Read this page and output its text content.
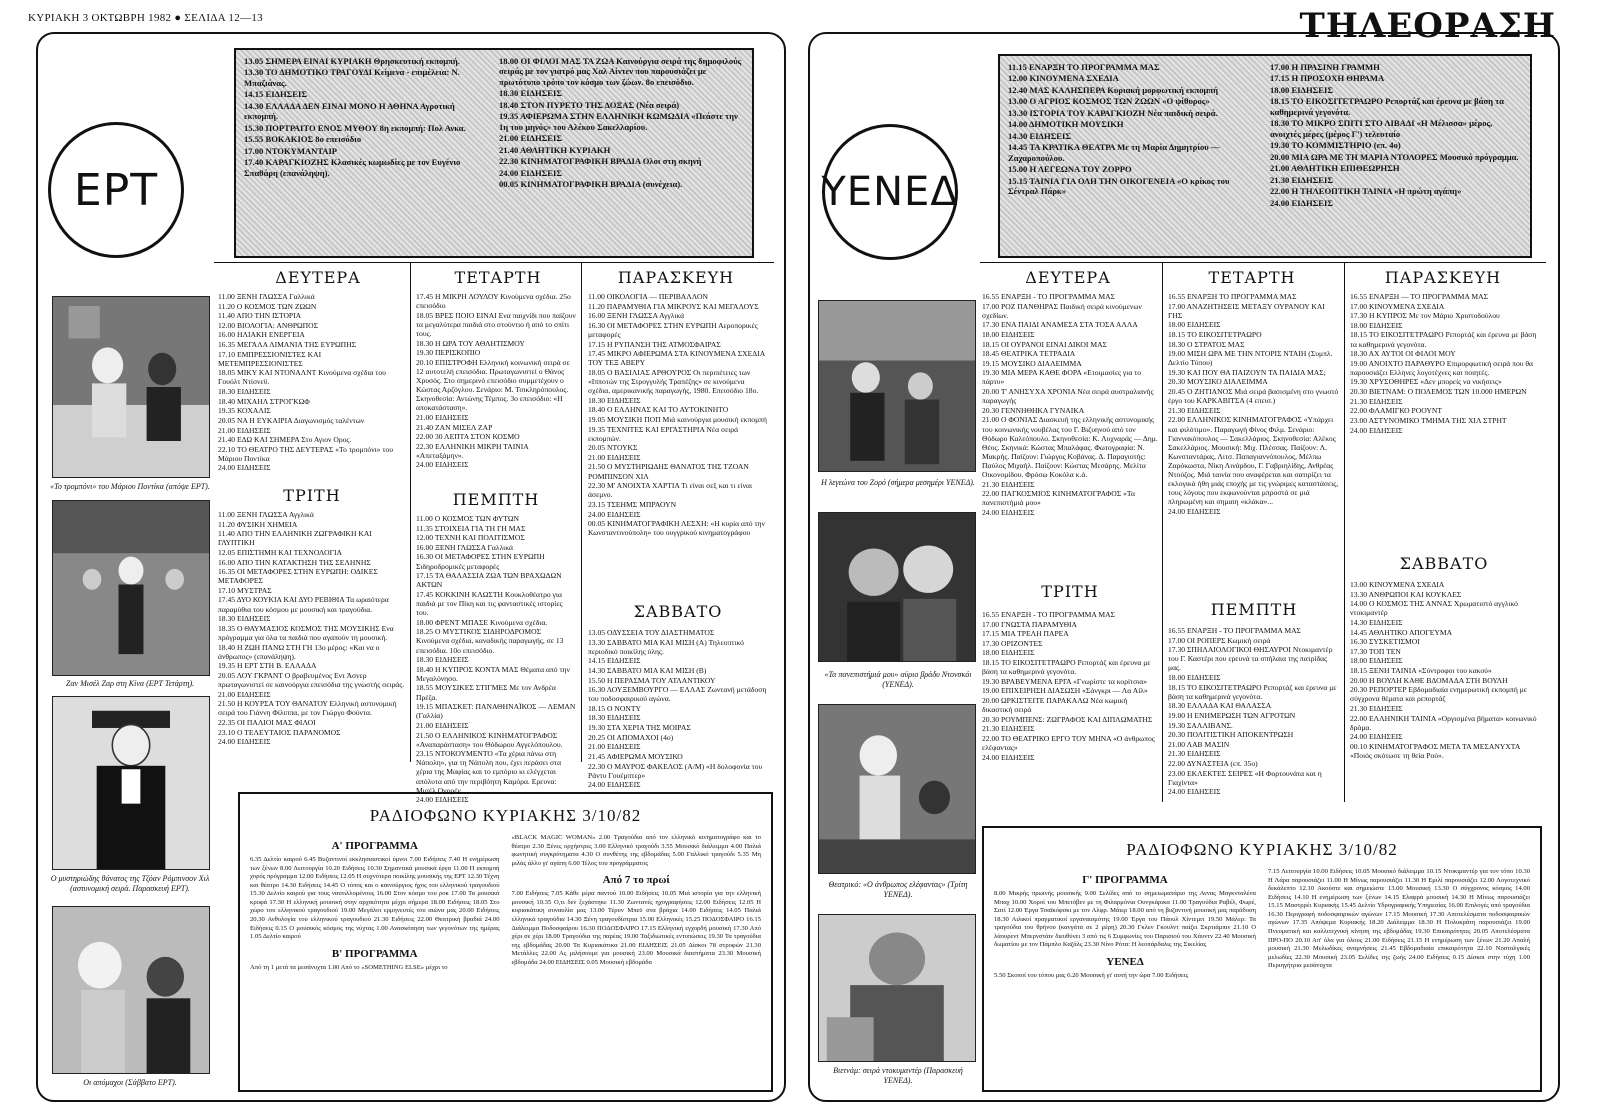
ΚΥΡΙΑΚΗ 3 ΟΚΤΩΒΡΗ 1982 ● ΣΕΛΙΔΑ 12—13	ΤΗΛΕΟΡΑΣΗ
ΕΡΤ

13.05 ΣΗΜΕΡΑ ΕΙΝΑΙ ΚΥΡΙΑΚΗ Θρησκευτική εκπομπή.

13.30 ΤΟ ΔΗΜΟΤΙΚΟ ΤΡΑΓΟΥΔΙ Κείμενα - επιμέλεια: Ν. Μπαζιάνας.

14.15 ΕΙΔΗΣΕΙΣ

14.30 ΕΛΛΑΔΑ ΔΕΝ ΕΙΝΑΙ ΜΟΝΟ Η ΑΘΗΝΑ Αγροτική εκπομπή.

15.30 ΠΟΡΤΡΑΙΤΟ ΕΝΟΣ ΜΥΘΟΥ 8η εκπομπή: Πολ Ανκα.

15.55 ΒΟΚΑΚΙΟΣ 8ο επεισόδιο

17.00 ΝΤΟΚΥΜΑΝΤΑΙΡ

17.40 ΚΑΡΑΓΚΙΟΖΗΣ Κλασικές κωμωδίες με τον Ευγένιο Σπαθάρη (επανάληψη).

18.00 ΟΙ ΦΙΛΟΙ ΜΑΣ ΤΑ ΖΩΑ Καινούργια σειρά της δημοφιλούς σειράς με τον γιατρό μας Χαλ Αίντεν που παρουσιάζει με πρωτότυπο τρόπο τον κόσμο των ζώων. 8ο επεισόδιο.

18.30 ΕΙΔΗΣΕΙΣ

18.40 ΣΤΟΝ ΠΥΡΕΤΟ ΤΗΣ ΔΟΞΑΣ (Νέα σειρά)

19.35 ΑΦΙΕΡΩΜΑ ΣΤΗΝ ΕΛΛΗΝΙΚΗ ΚΩΜΩΔΙΑ «Πεάστε την 1η του μηνός» του Αλέκου Σακελλαρίου.

21.00 ΕΙΔΗΣΕΙΣ

21.40 ΑΘΛΗΤΙΚΗ ΚΥΡΙΑΚΗ

22.30 ΚΙΝΗΜΑΤΟΓΡΑΦΙΚΗ ΒΡΑΔΙΑ Ολοι στη σκηνή

24.00 ΕΙΔΗΣΕΙΣ

00.05 ΚΙΝΗΜΑΤΟΓΡΑΦΙΚΗ ΒΡΑΔΙΑ (συνέχεια).

ΔΕΥΤΕΡΑ	ΤΕΤΑΡΤΗ	ΠΑΡΑΣΚΕΥΗ

11.00 ΞΕΝΗ ΓΛΩΣΣΑ Γαλλικά

11.20 Ο ΚΟΣΜΟΣ ΤΩΝ ΖΩΩΝ

11.40 ΑΠΟ ΤΗΝ ΙΣΤΟΡΙΑ

12.00 ΒΙΟΛΟΓΙΑ: ΑΝΘΡΩΠΟΣ

16.00 ΗΛΙΑΚΗ ΕΝΕΡΓΕΙΑ

16.35 ΜΕΓΑΛΑ ΛΙΜΑΝΙΑ ΤΗΣ ΕΥΡΩΠΗΣ

17.10 ΕΜΠΡΕΣΣΙΟΝΙΣΤΕΣ ΚΑΙ ΜΕΤΕΜΠΡΕΣΣΙΟΝΙΣΤΕΣ

18.05 ΜΙΚΥ ΚΑΙ ΝΤΟΝΑΛΝΤ Κινούμενα σχέδια του Γουόλτ Ντίσνεϋ.

18.30 ΕΙΔΗΣΕΙΣ

18.40 ΜΙΧΑΗΛ ΣΤΡΟΓΚΩΦ

19.35 ΚΟΧΑΛΙΣ

20.05 ΝΑ Η ΕΥΚΑΙΡΙΑ Διαγωνισμός ταλέντων

21.00 ΕΙΔΗΣΕΙΣ

21.40 ΕΔΩ ΚΑΙ ΣΗΜΕΡΑ Στο Αγιον Ορος.

22.10 ΤΟ ΘΕΑΤΡΟ ΤΗΣ ΔΕΥΤΕΡΑΣ «Το τρομπόνι» του Μάριου Ποντίκα

24.00 ΕΙΔΗΣΕΙΣ

ΤΡΙΤΗ

11.00 ΞΕΝΗ ΓΛΩΣΣΑ Αγγλικά

11.20 ΦΥΣΙΚΗ ΧΗΜΕΙΑ

11.40 ΑΠΟ ΤΗΝ ΕΛΛΗΝΙΚΗ ΖΩΓΡΑΦΙΚΗ ΚΑΙ ΓΛΥΠΤΙΚΗ

12.05 ΕΠΙΣΤΗΜΗ ΚΑΙ ΤΕΧΝΟΛΟΓΙΑ

16.00 ΑΠΟ ΤΗΝ ΚΑΤΑΚΤΗΣΗ ΤΗΣ ΣΕΛΗΝΗΣ

16.35 ΟΙ ΜΕΤΑΦΟΡΕΣ ΣΤΗΝ ΕΥΡΩΠΗ: ΟΔΙΚΕΣ ΜΕΤΑΦΟΡΕΣ

17.10 ΜΥΣΤΡΑΣ

17.45 ΔΥΟ ΚΟΥΚΙΑ ΚΑΙ ΔΥΟ ΡΕΒΙΘΙΑ Τα ωραιότερα παραμύθια του κόσμου με μουσική και τραγούδια.

18.30 ΕΙΔΗΣΕΙΣ

18.35 Ο ΘΑΥΜΑΣΙΟΣ ΚΟΣΜΟΣ ΤΗΣ ΜΟΥΣΙΚΗΣ Ενα πρόγραμμα για όλα τα παιδιά που αγαπούν τη μουσική.

18.40 Η ΖΩΗ ΠΑΝΩ ΣΤΗ ΓΗ 13ο μέρος: «Και να ο άνθρωπος» (επανάληψη).

19.35 Η ΕΡΤ ΣΤΗ Β. ΕΛΛΑΔΑ

20.05 ΛΟΥ ΓΚΡΑΝΤ Ο βραβευμένος Εντ Άσνερ πρωταγωνιστεί σε καινούργια επεισόδια της γνωστής σειράς.

21.00 ΕΙΔΗΣΕΙΣ

21.50 Η ΚΟΥΡΣΑ ΤΟΥ ΘΑΝΑΤΟΥ Ελληνική αστυνομική σειρά του Γιάννη Φίλιππα, με τον Γιώργο Φούντα.

22.35 ΟΙ ΠΑΛΙΟΙ ΜΑΣ ΦΙΛΟΙ

23.10 Ο ΤΕΛΕΥΤΑΙΟΣ ΠΑΡΑΝΟΜΟΣ

24.00 ΕΙΔΗΣΕΙΣ

17.45 Η ΜΙΚΡΗ ΛΟΥΛΟΥ Κινούμενα σχέδια. 25ο επεισόδιο

18.05 ΒΡΕΣ ΠΟΙΟ ΕΙΝΑΙ Ενα παιχνίδι που παίζουν τα μεγαλύτερα παιδιά στο στούντιο ή από το σπίτι τους.

18.30 Η ΩΡΑ ΤΟΥ ΑΘΛΗΤΙΣΜΟΥ

19.30 ΠΕΡΙΣΚΟΠΙΟ

20.10 ΕΠΙΣΤΡΟΦΗ Ελληνική κοινωνική σειρά σε 12 αυτοτελή επεισόδια. Πρωταγωνιστεί ο Θάνος Χρυσός. Στο σημερινό επεισόδιο συμμετέχουν ο Κώστας Αρζόγλου. Σενάριο: Μ. Τσικληρόπουλος. Σκηνοθεσία: Αντώνης Τέμπος. 3ο επεισόδιο: «Η αποκατάσταση».

21.00 ΕΙΔΗΣΕΙΣ

21.40 ΖΑΝ ΜΙΣΕΛ ΖΑΡ

22.00 30 ΛΕΠΤΑ ΣΤΟΝ ΚΟΣΜΟ

22.30 ΕΛΛΗΝΙΚΗ ΜΙΚΡΗ ΤΑΙΝΙΑ «Απεταξάμην».

24.00 ΕΙΔΗΣΕΙΣ

ΠΕΜΠΤΗ

11.00 Ο ΚΟΣΜΟΣ ΤΩΝ ΦΥΤΩΝ

11.35 ΣΤΟΙΧΕΙΑ ΓΙΑ ΤΗ ΓΗ ΜΑΣ

12.00 ΤΕΧΝΗ ΚΑΙ ΠΟΛΙΤΙΣΜΟΣ

16.00 ΞΕΝΗ ΓΛΩΣΣΑ Γαλλικά

16.30 ΟΙ ΜΕΤΑΦΟΡΕΣ ΣΤΗΝ ΕΥΡΩΠΗ Σιδηροδρομικές μεταφορές

17.15 ΤΑ ΘΑΛΑΣΣΙΑ ΖΩΑ ΤΩΝ ΒΡΑΧΩΔΩΝ ΑΚΤΩΝ

17.45 ΚΟΚΚΙΝΗ ΚΛΩΣΤΗ Κουκλοθέατρο για παιδιά με τον Πίκη και τις φανταστικές ιστορίες του.

18.00 ΦΡΕΝΤ ΜΠΑΣΕ Κινούμενα σχέδια.

18.25 Ο ΜΥΣΤΙΚΟΣ ΣΙΔΗΡΟΔΡΟΜΟΣ Κινούμενα σχέδια, καναδικής παραγωγής, σε 13 επεισόδια. 10ο επεισόδιο.

18.30 ΕΙΔΗΣΕΙΣ

18.40 Η ΚΥΠΡΟΣ ΚΟΝΤΑ ΜΑΣ Θέματα από την Μεγαλόνησο.

18.55 ΜΟΥΣΙΚΕΣ ΣΤΙΓΜΕΣ Με τον Ανδρέα Πρέζα.

19.15 ΜΠΑΣΚΕΤ: ΠΑΝΑΘΗΝΑΪΚΟΣ — ΛΕΜΑΝ (Γαλλία)

21.00 ΕΙΔΗΣΕΙΣ

21.50 Ο ΕΛΛΗΝΙΚΟΣ ΚΙΝΗΜΑΤΟΓΡΑΦΟΣ «Αναπαράσταση» του Θόδωρου Αγγελόπουλου.

23.15 ΝΤΟΚΟΥΜΕΝΤΟ «Τα χέρια πάνω στη Νάπολη», για τη Νάπολη που, έχει περάσει στα χέρια της Μαφίας και το εμπόριο κι ελέγχεται απόλυτα από την περιβόητη Καμόρα. Ερευνα: Μισέλ Ονορέν.

24.00 ΕΙΔΗΣΕΙΣ

11.00 ΟΙΚΟΛΟΓΙΑ — ΠΕΡΙΒΑΛΛΟΝ

11.20 ΠΑΡΑΜΥΘΙΑ ΓΙΑ ΜΙΚΡΟΥΣ ΚΑΙ ΜΕΓΑΛΟΥΣ

16.00 ΞΕΝΗ ΓΛΩΣΣΑ Αγγλικά

16.30 ΟΙ ΜΕΤΑΦΟΡΕΣ ΣΤΗΝ ΕΥΡΩΠΗ Αεροπορικές μεταφορές

17.15 Η ΡΥΠΑΝΣΗ ΤΗΣ ΑΤΜΟΣΦΑΙΡΑΣ

17.45 ΜΙΚΡΟ ΑΦΙΕΡΩΜΑ ΣΤΑ ΚΙΝΟΥΜΕΝΑ ΣΧΕΔΙΑ ΤΟΥ ΤΕΞ ΑΒΕΡΥ

18.05 Ο ΒΑΣΙΛΙΑΣ ΑΡΘΟΥΡΟΣ Οι περιπέτειες των «Ιπποτών της Στρογγυλής Τραπέζης» σε κινούμενα σχέδια, αμερικανικής παραγωγής, 1980. Επεισόδιο 18ο.

18.30 ΕΙΔΗΣΕΙΣ

18.40 Ο ΕΛΛΗΝΑΣ ΚΑΙ ΤΟ ΑΥΤΟΚΙΝΗΤΟ

19.05 ΜΟΥΣΙΚΗ ΠΟΠ Μιά καινούργια μουσική εκπομπή

19.35 ΤΕΧΝΙΤΕΣ ΚΑΙ ΕΡΓΑΣΤΗΡΙΑ Νέα σειρά εκπομπών.

20.05 ΝΤΟΥΚΣ

21.00 ΕΙΔΗΣΕΙΣ

21.50 Ο ΜΥΣΤΗΡΙΩΔΗΣ ΘΑΝΑΤΟΣ ΤΗΣ ΤΖΟΑΝ ΡΟΜΠΙΝΣΟΝ ΧΙΛ

22.30 Μ' ΑΝΟΙΧΤΑ ΧΑΡΤΙΑ Τι είναι σεξ και τι είναι άσεμνο.

23.15 ΤΣΕΗΜΣ ΜΠΡΑΟΥΝ

24.00 ΕΙΔΗΣΕΙΣ

00.05 ΚΙΝΗΜΑΤΟΓΡΑΦΙΚΗ ΛΕΣΧΗ: «Η κυρία από την Κωνσταντινούπολη» του ουγγρικού κινηματογράφου

ΣΑΒΒΑΤΟ

13.05 ΟΔΥΣΣΕΙΑ ΤΟΥ ΔΙΑΣΤΗΜΑΤΟΣ

13.30 ΣΑΒΒΑΤΟ ΜΙΑ ΚΑΙ ΜΙΣΗ (Α) Τηλεοπτικό περιοδικό ποικίλης ύλης.

14.15 ΕΙΔΗΣΕΙΣ

14.30 ΣΑΒΒΑΤΟ ΜΙΑ ΚΑΙ ΜΙΣΗ (Β)

15.50 Η ΠΕΡΑΣΜΑ ΤΟΥ ΑΤΛΑΝΤΙΚΟΥ

16.30 ΛΟΥΞΕΜΒΟΥΡΓΟ — ΕΛΛΑΣ Ζωντανή μετάδοση του ποδοσφαιρικού αγώνα.

18.15 Ο ΝΟΝΤΥ

18.30 ΕΙΔΗΣΕΙΣ

19.30 ΣΤΑ ΧΕΡΙΑ ΤΗΣ ΜΟΙΡΑΣ

20.25 ΟΙ ΑΠΟΜΑΧΟΙ (4ο)

21.00 ΕΙΔΗΣΕΙΣ

21.45 ΑΦΙΕΡΩΜΑ ΜΟΥΣΙΚΟ

22.30 Ο ΜΑΥΡΟΣ ΦΑΚΕΛΟΣ (Α/Μ) «Η δολοφονία του Ράντυ Γουέμπτερ»

24.00 ΕΙΔΗΣΕΙΣ

«Το τρομπόνι» του Μάριου Ποντίκα (απόψε ΕΡΤ).
Ζαν Μισέλ Ζαρ στη Κίνα (ΕΡΤ Τετάρτη).
Ο μυστηριώδης θάνατος της Τζόαν Ρόμπινσον Χιλ (αστυνομική σειρά. Παρασκευή ΕΡΤ).
Οι απόμαχοι (Σάββατο ΕΡΤ).
ΡΑΔΙΟΦΩΝΟ ΚΥΡΙΑΚΗΣ 3/10/82
Α' ΠΡΟΓΡΑΜΜΑ

6.35 Δελτίο καιρού 6.45 Βυζαντινοί εκκλησιαστικοί ύμνοι 7.00 Ειδήσεις 7.40 Η ενημέρωση των ξένων 8.00 Λειτουργία 10.20 Ειδήσεις 10.30 Σημαντικά μουσικά έργα 11.00 Η εκπομπή χορός πρόγραμμα 12.00 Ειδήσεις 12.05 Η συχνότερα ποικίλης μουσικής της ΕΡΤ 12.30 Τέχνη και θέατρο 14.30 Ειδήσεις 14.45 Ο τόπος και ο καινούργιος ήχος του ελληνικού τραγουδιού 15.30 Δελτίο καιρού για τους ναυτιλλομένους 16.00 Στον κόσμο του ροκ 17.00 Τα μουσικά κρυφά 17.30 Η ελληνική μουσική στην αρχαιότητα μέχρι σήμερα 18.00 Ειδήσεις 18.05 Στο χώρο του ελληνικού τραγουδιού 19.00 Μεγάλοι ερμηνευτές του αιώνα μας 20.00 Ειδήσεις 20.30 Ανθολογία του ελληνικού τραγουδιού 21.30 Ειδήσεις 22.00 Θεατρική βραδιά 24.00 Ειδήσεις 0.15 Ο μουσικός κόσμος της νύχτας 1.00 Ανασκόπηση των γεγονότων της ημέρας 1.05 Δελτίο καιρού

Β' ΠΡΟΓΡΑΜΜΑ

Από τη 1 μετά τα μεσάνυχτα 1.00 Από το «SOMETHING ELSE» μέχρι το

«BLACK MAGIC WOMAN» 2.00 Τραγούδια από τον ελληνικό κινηματογράφο και το θέατρο 2.30 Ξένες ορχήστρες 3.00 Ελληνικό τραγούδι 3.55 Μουσικό διάλειμμα 4.00 Παλιά φωνητική συγκρότηματα 4.30 Ο συνθέτης της εβδομάδας 5.00 Γαλλικό τραγούδι 5.35 Μη μιλάς άλλο γι' αγάπη 6.00 Τέλος του προγράμματος

Από 7 το πρωί

7.00 Ειδήσεις 7.05 Κάθε μέρα παντού 10.00 Ειδήσεις 10.05 Μιά ιστορία για την ελληνική μουσική 10.35 Ο,τι δεν ξεχάστηκε 11.30 Ζωντανές ηχογραφήσεις 12.00 Ειδήσεις 12.05 Η κυριακάτικη συναυλία μας 13.00 Τέρυν Μπεϋ στα βράχια 14.00 Ειδήσεις 14.05 Παλιά ελληνικά τραγούδια 14.30 Ξένη τραγουδίστρια 15.00 Ελληνικές 15.25 ΠΟΔΟΣΦΑΙΡΟ 16.15 Διάλειμμα Ποδοσφαίρου 16.30 ΠΟΔΟΣΦΑΙΡΟ 17.15 Ελληνική εγχορδή μουσική 17.30 Από χέρι σε χέρι 18.00 Τραγούδια της παρέας 19.00 Ταξιδιωτικές εντυπώσεις 19.30 Τα τραγούδια της εβδομάδας 20.00 Τα Κυριακάτικα 21.00 ΕΙΔΗΣΕΙΣ 21.05 Δίσκοι 78 στροφών 21.30 Μετάλλες 22.00 Ας μιλήσουμε για μουσική 23.00 Μουσικά διαστήματα 23.30 Μουσική εβδομάδα 24.00 ΕΙΔΗΣΕΙΣ 0.05 Μουσική εβδομάδα

ΥΕΝΕΔ

11.15 ΕΝΑΡΞΗ ΤΟ ΠΡΟΓΡΑΜΜΑ ΜΑΣ

12.00 ΚΙΝΟΥΜΕΝΑ ΣΧΕΔΙΑ

12.40 ΜΑΣ ΚΑΛΗΣΠΕΡΑ Κυριακή μορφωτική εκπομπή

13.00 Ο ΑΓΡΙΟΣ ΚΟΣΜΟΣ ΤΩΝ ΖΩΩΝ «Ο ψίθυρος»

13.30 ΙΣΤΟΡΙΑ ΤΟΥ ΚΑΡΑΓΚΙΟΖΗ Νέα παιδική σειρά.

14.00 ΔΗΜΟΤΙΚΗ ΜΟΥΣΙΚΗ

14.30 ΕΙΔΗΣΕΙΣ

14.45 ΤΑ ΚΡΑΤΙΚΑ ΘΕΑΤΡΑ Με τη Μαρία Δημητρίου — Ζαχαροπούλου.

15.00 Η ΛΕΓΕΩΝΑ ΤΟΥ ΖΟΡΡΟ

15.15 ΤΑΙΝΙΑ ΓΙΑ ΟΛΗ ΤΗΝ ΟΙΚΟΓΕΝΕΙΑ «Ο κρίκος του Σέντραλ Πάρκ»

17.00 Η ΠΡΑΣΙΝΗ ΓΡΑΜΜΗ

17.15 Η ΠΡΟΣΟΧΗ ΘΗΡΑΜΑ

18.00 ΕΙΔΗΣΕΙΣ

18.15 ΤΟ ΕΙΚΟΣΙΤΕΤΡΑΩΡΟ Ρεπορτάζ και έρευνα με βάση τα καθημερινά γεγονότα.

18.30 ΤΟ ΜΙΚΡΟ ΣΠΙΤΙ ΣΤΟ ΛΙΒΑΔΙ «Η Μέλισσα» μέρος, ανοιχτές μέρες (μέρος Γ') τελευταίο

19.30 ΤΟ ΚΟΜΜΙΣΤΗΡΙΟ (επ. 4ο)

20.00 ΜΙΑ ΩΡΑ ΜΕ ΤΗ ΜΑΡΙΑ ΝΤΟΛΟΡΕΣ Μουσικό πρόγραμμα.

21.00 ΑΘΛΗΤΙΚΗ ΕΠΙΘΕΩΡΗΣΗ

21.30 ΕΙΔΗΣΕΙΣ

22.00 Η ΤΗΛΕΟΠΤΙΚΗ ΤΑΙΝΙΑ «Η πρώτη αγάπη»

24.00 ΕΙΔΗΣΕΙΣ

ΔΕΥΤΕΡΑ	ΤΕΤΑΡΤΗ	ΠΑΡΑΣΚΕΥΗ

16.55 ΕΝΑΡΞΗ - ΤΟ ΠΡΟΓΡΑΜΜΑ ΜΑΣ

17.00 ΡΟΖ ΠΑΝΘΗΡΑΣ Παιδική σειρά κινούμενων σχεδίων.

17.30 ΕΝΑ ΠΑΙΔΙ ΑΝΑΜΕΣΑ ΣΤΑ ΤΟΣΑ ΑΛΛΑ

18.00 ΕΙΔΗΣΕΙΣ

18.15 ΟΙ ΟΥΡΑΝΟΙ ΕΙΝΑΙ ΔΙΚΟΙ ΜΑΣ

18.45 ΘΕΑΤΡΙΚΑ ΤΕΤΡΑΔΙΑ

19.15 ΜΟΥΣΙΚΟ ΔΙΑΛΕΙΜΜΑ

19.30 ΜΙΑ ΜΕΡΑ ΚΑΘΕ ΦΟΡΑ «Ετοιμασίες για το πάρτυ»

20.00 Τ' ΑΝΗΣΥΧΑ ΧΡΟΝΙΑ Νέα σειρά αυστραλιανής παραγωγής

20.30 ΓΕΝΝΗΘΗΚΑ ΓΥΝΑΙΚΑ

21.00 Ο ΦΟΝΙΑΣ Διασκευή της ελληνικής αστυνομικής του κοινωνικής νουβέλας του Γ. Βιζυηνού από τον Θόδωρο Καλεόπουλο. Σκηνοθεσία: Κ. Λυχναράς — Δημ. Θέος. Σκηνικά: Κώστας Μπαλάφας. Φωτογραφία: Ν. Μακρής. Παίζουν: Γιώργος Κοβάνας. Δ. Παραγιοτής: Παύλος Μιχαήλ. Παίζουν: Κώστας Μεσάρης. Μελίτα Οικονομίδου. Φρόσω Κοκόλα κ.ά.

21.30 ΕΙΔΗΣΕΙΣ

22.00 ΠΑΓΚΟΣΜΙΟΣ ΚΙΝΗΜΑΤΟΓΡΑΦΟΣ «Τα πανεπιστήμιά μου»

24.00 ΕΙΔΗΣΕΙΣ

ΤΡΙΤΗ

16.55 ΕΝΑΡΞΗ - ΤΟ ΠΡΟΓΡΑΜΜΑ ΜΑΣ

17.00 ΓΝΩΣΤΑ ΠΑΡΑΜΥΘΙΑ

17.15 ΜΙΑ ΤΡΕΛΗ ΠΑΡΕΑ

17.30 ΟΡΙΖΟΝΤΕΣ

18.00 ΕΙΔΗΣΕΙΣ

18.15 ΤΟ ΕΙΚΟΣΙΤΕΤΡΑΩΡΟ Ρεπορτάζ και έρευνα με βάση τα καθημερινά γεγονότα.

19.30 ΒΡΑΒΕΥΜΕΝΑ ΕΡΓΑ «Γνωρίστε τα κορίτσια»

19.00 ΕΠΙΧΕΙΡΗΣΗ ΔΙΑΣΩΣΗ «Σάνγκρι — Λα Αίλ»

20.00 ΩΡΚΙΣΤΕΙΤΕ ΠΑΡΑΚΑΛΩ Νέα κωμική δικαστική σειρά

20.30 ΡΟΥΜΠΕΝΣ: ΖΩΓΡΑΦΟΣ ΚΑΙ ΔΙΠΛΩΜΑΤΗΣ

21.30 ΕΙΔΗΣΕΙΣ

22.00 ΤΟ ΘΕΑΤΡΙΚΟ ΕΡΓΟ ΤΟΥ ΜΗΝΑ «Ο άνθρωπος ελέφαντας»

24.00 ΕΙΔΗΣΕΙΣ

16.55 ΕΝΑΡΞΗ ΤΟ ΠΡΟΓΡΑΜΜΑ ΜΑΣ

17.00 ΑΝΑΖΗΤΗΣΕΙΣ ΜΕΤΑΞΥ ΟΥΡΑΝΟΥ ΚΑΙ ΓΗΣ

18.00 ΕΙΔΗΣΕΙΣ

18.15 ΤΟ ΕΙΚΟΣΙΤΕΤΡΑΩΡΟ

18.30 Ο ΣΤΡΑΤΟΣ ΜΑΣ

19.00 ΜΙΣΗ ΩΡΑ ΜΕ ΤΗΝ ΝΤΟΡΙΣ ΝΤΑΙΗ (Συμπλ. Δελτίο Τύπου)

19.30 ΚΑΙ ΠΟΥ ΘΑ ΠΑΙΖΟΥΝ ΤΑ ΠΑΙΔΙΑ ΜΑΣ;

20.30 ΜΟΥΣΙΚΟ ΔΙΑΛΕΙΜΜΑ

20.45 Ο ΖΗΤΙΑΝΟΣ Μιά σειρά βασισμένη στο γνωστό έργο του ΚΑΡΚΑΒΙΤΣΑ (4 επεισ.)

21.30 ΕΙΔΗΣΕΙΣ

22.00 ΕΛΛΗΝΙΚΟΣ ΚΙΝΗΜΑΤΟΓΡΑΦΟΣ «Υπάρχει και φιλότιμο». Παραγωγή Φίνος Φιλμ. Σενάριο: Γιαννακόπουλος — Σακελλάριος. Σκηνοθεσία: Αλέκος Σακελλάριος. Μουσική: Μιχ. Πλέσσας. Παίζουν: Λ. Κωνσταντάρας, Λιτσ. Παπαγιαννόπουλος, Μέλπω Ζαρόκωστα, Νίκη Λινάρδου, Γ. Γαβριηλίδης, Ανθρέας Ντούζος. Μιά ταινία που αναφέρεται και σατιρίζει τα εκλογικά ήθη μιάς εποχής με τις γνώριμες καταστάσεις, τους λόγους που εκφωνούνται μπροστά σε μιά πληρωμένη και σημαιη «κλάκα»...

24.00 ΕΙΔΗΣΕΙΣ

ΠΕΜΠΤΗ

16.55 ΕΝΑΡΞΗ - ΤΟ ΠΡΟΓΡΑΜΜΑ ΜΑΣ

17.00 ΟΙ ΡΟΠΕΡΣ Κωμική σειρά

17.30 ΣΠΗΛΑΙΟΛΟΓΙΚΟΙ ΘΗΣΑΥΡΟΙ Ντοκιμαντέρ του Γ. Καστέρι που ερευνά τα σπήλαια της πατρίδας μας.

18.00 ΕΙΔΗΣΕΙΣ

18.15 ΤΟ ΕΙΚΟΣΙΤΕΤΡΑΩΡΟ Ρεπορτάζ και έρευνα με βάση τα καθημερινά γεγονότα.

18.30 ΕΛΛΑΔΑ ΚΑΙ ΘΑΛΑΣΣΑ

19.00 Η ΕΝΗΜΕΡΩΣΗ ΤΩΝ ΑΓΡΟΤΩΝ

19.30 ΣΑΛΛΙΒΑΝΣ.

20.30 ΠΟΛΙΤΙΣΤΙΚΗ ΑΠΟΚΕΝΤΡΩΣΗ

21.00 ΛΑΒ ΜΑΣΙΝ

21.30 ΕΙΔΗΣΕΙΣ

22.00 ΔΥΝΑΣΤΕΙΑ (επ. 35ο)

23.00 ΕΚΛΕΚΤΕΣ ΣΕΙΡΕΣ «Η Φορτουνάτα και η Γιαχίντα»

24.00 ΕΙΔΗΣΕΙΣ

16.55 ΕΝΑΡΞΗ — ΤΟ ΠΡΟΓΡΑΜΜΑ ΜΑΣ

17.00 ΚΙΝΟΥΜΕΝΑ ΣΧΕΔΙΑ

17.30 Η ΚΥΠΡΟΣ Με τον Μάριο Χριστοδούλου

18.00 ΕΙΔΗΣΕΙΣ

18.15 ΤΟ ΕΙΚΟΣΙΤΕΤΡΑΩΡΟ Ρεπορτάζ και έρευνα με βάση τα καθημερινά γεγονότα.

18.30 ΑΧ ΑΥΤΟΙ ΟΙ ΦΙΛΟΙ ΜΟΥ

19.00 ΑΝΟΙΧΤΟ ΠΑΡΑΘΥΡΟ Επιμορφωτική σειρά που θα παρουσιάζει Ελληνες λογοτέχνες και ποιητές.

19.30 ΧΡΥΣΟΘΗΡΕΣ «Δεν μπορείς να νικήσεις»

20.30 ΒΙΕΤΝΑΜ: Ο ΠΟΛΕΜΟΣ ΤΩΝ 10.000 ΗΜΕΡΩΝ

21.30 ΕΙΔΗΣΕΙΣ

22.00 ΦΛΑΜΙΓΚΟ ΡΟΟΥΝΤ

23.00 ΑΣΤΥΝΟΜΙΚΟ ΤΜΗΜΑ ΤΗΣ ΧΙΛ ΣΤΡΗΤ

24.00 ΕΙΔΗΣΕΙΣ

ΣΑΒΒΑΤΟ

13.00 ΚΙΝΟΥΜΕΝΑ ΣΧΕΔΙΑ

13.30 ΑΝΘΡΩΠΟΙ ΚΑΙ ΚΟΥΚΛΕΣ

14.00 Ο ΚΟΣΜΟΣ ΤΗΣ ΑΝΝΑΣ Χρωματιστό αγγλικό ντοκιμαντέρ

14.30 ΕΙΔΗΣΕΙΣ

14.45 ΑΘΛΗΤΙΚΟ ΑΠΟΓΕΥΜΑ

16.30 ΣΥΣΚΕΤΙΣΜΟΙ

17.30 ΤΟΠ ΤΕΝ

18.00 ΕΙΔΗΣΕΙΣ

18.15 ΞΕΝΗ ΤΑΙΝΙΑ «Σύντροφοι του κακού»

20.00 Η ΒΟΥΛΗ ΚΑΘΕ ΒΔΟΜΑΔΑ ΣΤΗ ΒΟΥΛΗ

20.30 ΡΕΠΟΡΤΕΡ Εβδομαδιαία ενημερωτική εκπομπή με σύγχρονα θέματα και ρεπορτάζ

21.30 ΕΙΔΗΣΕΙΣ

22.00 ΕΛΛΗΝΙΚΗ ΤΑΙΝΙΑ «Οργισμένα βήματα» κοινωνικό δράμα.

24.00 ΕΙΔΗΣΕΙΣ

00.10 ΚΙΝΗΜΑΤΟΓΡΑΦΟΣ ΜΕΤΑ ΤΑ ΜΕΣΑΝΥΧΤΑ «Ποιός σκότωσε τη θεία Ρού».

Η λεγεώνα του Ζορό (σήμερα μεσημέρι ΥΕΝΕΔ).
«Τα πανεπιστήμιά μου» αύριο βράδυ Ντονσκόι (ΥΕΝΕΔ).
Θεατρικό: «Ο άνθρωπος ελέφαντας» (Τρίτη ΥΕΝΕΔ).
Βιετνάμ: σειρά ντοκυμαντέρ (Παρασκευή ΥΕΝΕΔ).
ΡΑΔΙΟΦΩΝΟ ΚΥΡΙΑΚΗΣ 3/10/82
Γ' ΠΡΟΓΡΑΜΜΑ

8.00 Μικρής πρωινής μουσικής 9.00 Σελίδες από το σημειωματάριο της Αννας Μαγκνταλένα Μπαχ 10.00 Χοροί του Μπετόβεν με τη Φιλαρμόνια Ουνγκάρικα 11.00 Τραγούδια Ραβέλ, Φωρέ, Σατί 12.00 Έργα Τσαϊκόφσκι με τον Αλφρ. Μάιερ 18.00 από τη βυζαντινή μουσική μας παράδοση 18.30 Αιλικοί πραγματικοί εργαναισμότης 19.00 Έργα του Πάουλ Χίντεμιτ 19.50 Μάλερ: Τα τραγούδια του θρήνου (κανγάτα σε 2 μέρη) 20.30 Γκλεν Γκουλντ παίζει Σκρτιάμπιν 21.10 Ο λάουρεντ Μπερνστάιν διευθύνει 3 από τις 6 Συμφωνίες του Παρισιού του Χάυντν 22.40 Μουσική δωματίου με τον Πάμπλο Καζάλς 23.30 Νίνο Ρότα: Η λεοπάρδαλις της Σικελίας

ΥΕΝΕΔ

5.50 Σκοποί του τόπου μας 6.20 Μουσική γι' αυτή την ώρα 7.00 Ειδήσεις

7.15 Λειτουργία 10.00 Ειδήσεις 10.05 Μουσικό διάλειμμα 10.15 Ντοκιμαντέρ για τον τόπο 10.30 Η Λάρα παρουσιάζει 11.00 Η Μίνως παρουσιάζει 11.30 Η Εμιλί παρουσιάζει 12.00 Λογοτεχνικό δεκάλεπτο 12.10 Ακούστε και σημειώστε 13.00 Μουσική 13.30 Ο σύγχρονος κόσμος 14.00 Ειδήσεις 14.10 Η ενημέρωση των ξένων 14.15 Ελαφρά μουσική 14.30 Η Μίνως παρουσιάζει 15.15 Μαστρρέι Κυριακής 15.45 Δελτίο Υδρογραφικής Υπηρεσίας 16.00 Επιλογές από τραγούδια 16.30 Περιγραφή ποδοσφαιρικών αγώνων 17.15 Μουσική 17.30 Αποτελέσματα ποδοσφαιρικών αγώνων 17.35 Απόψεμα Κυριακής 18.20 Διάλειμμα 18.30 Η Πολυκράτη παρουσιάζει 19.00 Πνευματική και καλλιτεχνική κίνηση της εβδομάδας 19.30 Επικαιρότητες 20.05 Αποτελέσματα ΠΡΟ-ΠΟ 20.10 Απ' όλα για όλους 21.00 Ειδήσεις 21.15 Η ενημέρωση των ξένων 21.20 Απαλή μουσική 21.30 Μελωδίκες αναμνήσεις 21.45 Εβδομαδιαία επικαιρότητα 22.10 Νοσταλγικές μελωδίες 22.30 Μουσική 23.05 Σελίδες της ζωής 24.00 Ειδήσεις 0.15 Δίσκοι στην τύχη 1.00 Περιηγήτρια μεσάνυχτα
